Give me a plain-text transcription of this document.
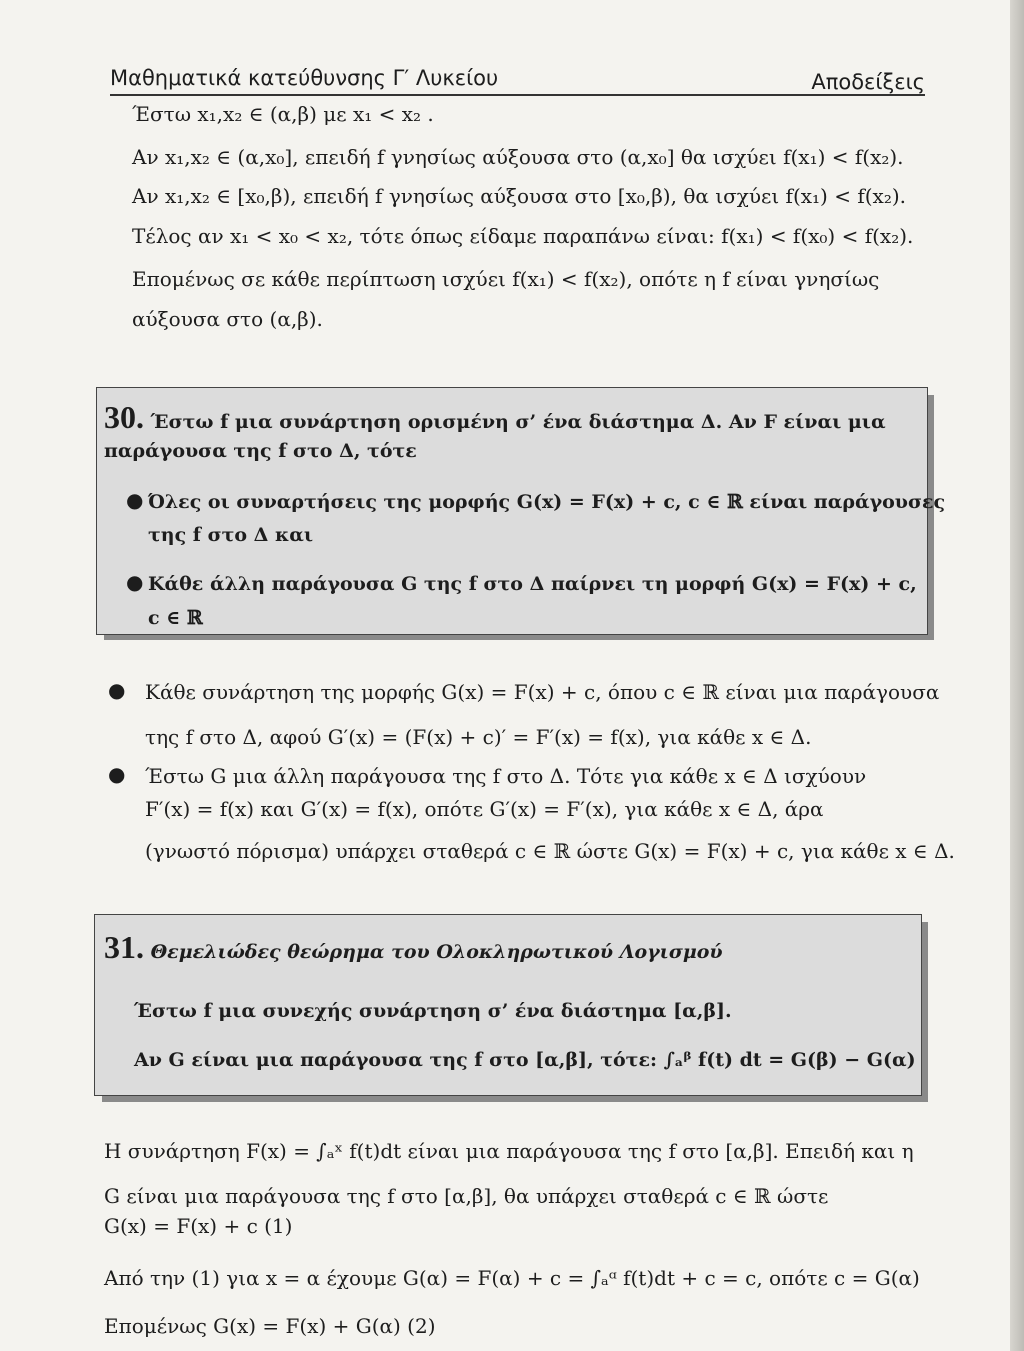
Μαθηματικά κατεύθυνσης Γ′ Λυκείου	Αποδείξεις
Έστω x₁,x₂ ∈ (α,β) με x₁ < x₂ .
Αν x₁,x₂ ∈ (α,x₀], επειδή f γνησίως αύξουσα στο (α,x₀] θα ισχύει f(x₁) < f(x₂).
Αν x₁,x₂ ∈ [x₀,β), επειδή f γνησίως αύξουσα στο [x₀,β), θα ισχύει f(x₁) < f(x₂).
Τέλος αν x₁ < x₀ < x₂, τότε όπως είδαμε παραπάνω είναι: f(x₁) < f(x₀) < f(x₂).
Επομένως σε κάθε περίπτωση ισχύει f(x₁) < f(x₂), οπότε η f είναι γνησίως
αύξουσα στο (α,β).
30. Έστω f μια συνάρτηση ορισμένη σ’ ένα διάστημα Δ. Αν F είναι μια
παράγουσα της f στο Δ, τότε
● Όλες οι συναρτήσεις της μορφής G(x) = F(x) + c, c ∈ ℝ είναι παράγουσες
της f στο Δ και
● Κάθε άλλη παράγουσα G της f στο Δ παίρνει τη μορφή G(x) = F(x) + c,
c ∈ ℝ
● Κάθε συνάρτηση της μορφής G(x) = F(x) + c, όπου c ∈ ℝ είναι μια παράγουσα
της f στο Δ, αφού G′(x) = (F(x) + c)′ = F′(x) = f(x), για κάθε x ∈ Δ.
● Έστω G μια άλλη παράγουσα της f στο Δ. Τότε για κάθε x ∈ Δ ισχύουν
F′(x) = f(x) και G′(x) = f(x), οπότε G′(x) = F′(x), για κάθε x ∈ Δ, άρα
(γνωστό πόρισμα) υπάρχει σταθερά c ∈ ℝ ώστε G(x) = F(x) + c, για κάθε x ∈ Δ.
31. Θεμελιώδες θεώρημα του Ολοκληρωτικού Λογισμού
Έστω f μια συνεχής συνάρτηση σ’ ένα διάστημα [α,β].
Αν G είναι μια παράγουσα της f στο [α,β], τότε: ∫ₐᵝ f(t) dt = G(β) − G(α)
Η συνάρτηση F(x) = ∫ₐˣ f(t)dt είναι μια παράγουσα της f στο [α,β]. Επειδή και η
G είναι μια παράγουσα της f στο [α,β], θα υπάρχει σταθερά c ∈ ℝ ώστε
G(x) = F(x) + c (1)
Από την (1) για x = α έχουμε G(α) = F(α) + c = ∫ₐᵅ f(t)dt + c = c, οπότε c = G(α)
Επομένως G(x) = F(x) + G(α) (2)
